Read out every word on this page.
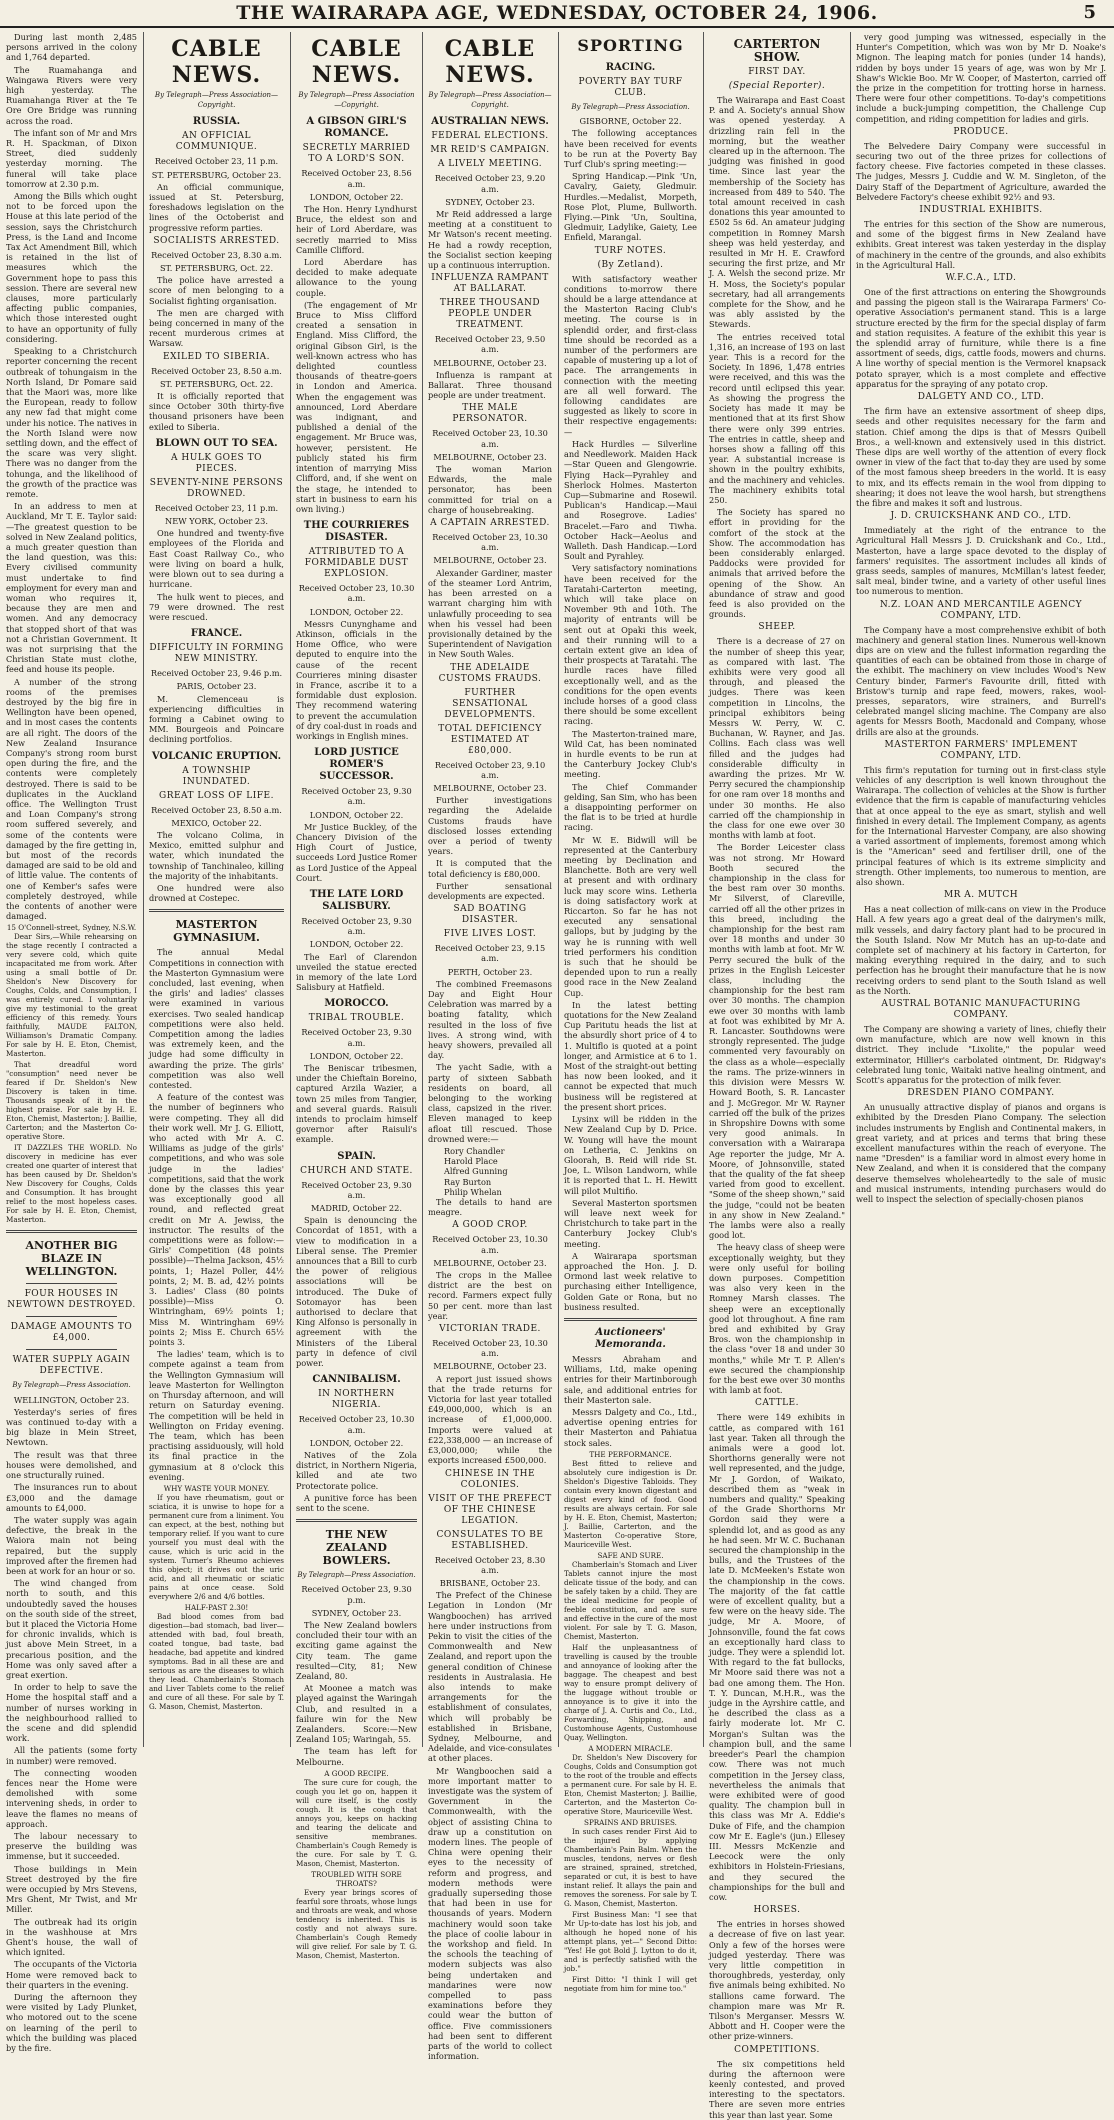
THE WAIRARAPA AGE, WEDNESDAY, OCTOBER 24, 1906.	5

During last month 2,485 persons arrived in the colony and 1,764 departed.

The Ruamahanga and Waingawa Rivers were very high yesterday. The Ruamahanga River at the Te Ore Ore Bridge was running across the road.

The infant son of Mr and Mrs R. H. Spackman, of Dixon Street, died suddenly yesterday morning. The funeral will take place tomorrow at 2.30 p.m.

Among the Bills which ought not to be forced upon the House at this late period of the session, says the Christchurch Press, is the Land and Income Tax Act Amendment Bill, which is retained in the list of measures which the Government hope to pass this session. There are several new clauses, more particularly affecting public companies, which those interested ought to have an opportunity of fully considering.

Speaking to a Christchurch reporter concerning the recent outbreak of tohungaism in the North Island, Dr Pomare said that the Maori was, more like the European, ready to follow any new fad that might come under his notice. The natives in the North Island were now settling down, and the effect of the scare was very slight. There was no danger from the tohunga, and the likelihood of the growth of the practice was remote.

In an address to men at Auckland, Mr T. E. Taylor said:—The greatest question to be solved in New Zealand politics, a much greater question than the land question, was this: Every civilised community must undertake to find employment for every man and woman who requires it, because they are men and women. And any democracy that stopped short of that was not a Christian Government. It was not surprising that the Christian State must clothe, feed and house its people.

A number of the strong rooms of the premises destroyed by the big fire in Wellington have been opened, and in most cases the contents are all right. The doors of the New Zealand Insurance Company's strong room burst open during the fire, and the contents were completely destroyed. There is said to be duplicates in the Auckland office. The Wellington Trust and Loan Company's strong room suffered severely, and some of the contents were damaged by the fire getting in, but most of the records damaged are said to be old and of little value. The contents of one of Kember's safes were completely destroyed, while the contents of another were damaged.

15 O'Connell-street, Sydney, N.S.W.

Dear Sirs,—While rehearsing on the stage recently I contracted a very severe cold, which quite incapacitated me from work. After using a small bottle of Dr. Sheldon's New Discovery for Coughs, Colds, and Consumption, I was entirely cured. I voluntarily give my testimonial to the great efficiency of this remedy. Yours faithfully, MAUDE FALTON, Williamson's Dramatic Company. For sale by H. E. Eton, Chemist, Masterton.

That dreadful word "consumption" need never be feared if Dr. Sheldon's New Discovery is taken in time. Thousands speak of it in the highest praise. For sale by H. E. Eton, Chemist, Masterton; J. Baillie, Carterton; and the Masterton Co-operative Store.

IT DAZZLES THE WORLD. No discovery in medicine has ever created one quarter of interest that has been caused by Dr. Sheldon's New Discovery for Coughs, Colds and Consumption. It has brought relief to the most hopeless cases. For sale by H. E. Eton, Chemist, Masterton.

ANOTHER BIG BLAZE IN WELLINGTON.
FOUR HOUSES IN NEWTOWN DESTROYED.
DAMAGE AMOUNTS TO £4,000.
WATER SUPPLY AGAIN DEFECTIVE.
By Telegraph—Press Association.
WELLINGTON, October 23.

Yesterday's series of fires was continued to-day with a big blaze in Mein Street, Newtown.

The result was that three houses were demolished, and one structurally ruined.

The insurances run to about £3,000 and the damage amounts to £4,000.

The water supply was again defective, the break in the Waiora main not being repaired, but the supply improved after the firemen had been at work for an hour or so.

The wind changed from north to south, and this undoubtedly saved the houses on the south side of the street, but it placed the Victoria Home for chronic invalids, which is just above Mein Street, in a precarious position, and the Home was only saved after a great exertion.

In order to help to save the Home the hospital staff and a number of nurses working in the neighbourhood rallied to the scene and did splendid work.

All the patients (some forty in number) were removed.

The connecting wooden fences near the Home were demolished with some intervening sheds, in order to leave the flames no means of approach.

The labour necessary to preserve the building was immense, but it succeeded.

Those buildings in Mein Street destroyed by the fire were occupied by Mrs Stevens, Mrs Ghent, Mr Twist, and Mr Miller.

The outbreak had its origin in the washhouse at Mrs Ghent's house, the wall of which ignited.

The occupants of the Victoria Home were removed back to their quarters in the evening.

During the afternoon they were visited by Lady Plunket, who motored out to the scene on learning of the peril to which the building was placed by the fire.

CABLE NEWS.
By Telegraph—Press Association—Copyright.
RUSSIA.
AN OFFICIAL COMMUNIQUE.
Received October 23, 11 p.m.
ST. PETERSBURG, October 23.

An official communique, issued at St. Petersburg, foreshadows legislation on the lines of the Octoberist and progressive reform parties.

SOCIALISTS ARRESTED.
Received October 23, 8.30 a.m.
ST. PETERSBURG, Oct. 22.

The police have arrested a score of men belonging to a Socialist fighting organisation.

The men are charged with being concerned in many of the recent murderous crimes at Warsaw.

EXILED TO SIBERIA.
Received October 23, 8.50 a.m.
ST. PETERSBURG, Oct. 22.

It is officially reported that since October 30th thirty-five thousand prisoners have been exiled to Siberia.

BLOWN OUT TO SEA.
A HULK GOES TO PIECES.
SEVENTY-NINE PERSONS DROWNED.
Received October 23, 11 p.m.
NEW YORK, October 23.

One hundred and twenty-five employees of the Florida and East Coast Railway Co., who were living on board a hulk, were blown out to sea during a hurricane.

The hulk went to pieces, and 79 were drowned. The rest were rescued.

FRANCE.
DIFFICULTY IN FORMING NEW MINISTRY.
Received October 23, 9.46 p.m.
PARIS, October 23.

M. Clemenceau is experiencing difficulties in forming a Cabinet owing to MM. Bourgeois and Poincare declining portfolios.

VOLCANIC ERUPTION.
A TOWNSHIP INUNDATED.
GREAT LOSS OF LIFE.
Received October 23, 8.50 a.m.
MEXICO, October 22.

The volcano Colima, in Mexico, emitted sulphur and water, which inundated the township of Tanchinaleo, killing the majority of the inhabitants.

One hundred were also drowned at Costepec.

MASTERTON GYMNASIUM.

The annual Medal Competitions in connection with the Masterton Gymnasium were concluded, last evening, when the girls' and ladies' classes were examined in various exercises. Two sealed handicap competitions were also held. Competition among the ladies was extremely keen, and the judge had some difficulty in awarding the prize. The girls' competition was also well contested.

A feature of the contest was the number of beginners who were competing. They all did their work well. Mr J. G. Elliott, who acted with Mr A. C. Williams as judge of the girls' competitions, and who was sole judge in the ladies' competitions, said that the work done by the classes this year was exceptionally good all round, and reflected great credit on Mr A. Jewiss, the instructor. The results of the competitions were as follow:—Girls' Competition (48 points possible)—Thelma Jackson, 45½ points, 1; Hazel Poller, 44½ points, 2; M. B. ad, 42½ points 3. Ladies' Class (80 points possible)—Miss O. Wintringham, 69½ points 1; Miss M. Wintringham 69½ points 2; Miss E. Church 65½ points 3.

The ladies' team, which is to compete against a team from the Wellington Gymnasium will leave Masterton for Wellington on Thursday afternoon, and will return on Saturday evening. The competition will be held in Wellington on Friday evening. The team, which has been practising assiduously, will hold its final practice in the gymnasium at 8 o'clock this evening.

WHY WASTE YOUR MONEY.

If you have rheumatism, gout or sciatica, it is unwise to hope for a permanent cure from a liniment. You can expect, at the best, nothing but temporary relief. If you want to cure yourself you must deal with the cause, which is uric acid in the system. Turner's Rheumo achieves this object; it drives out the uric acid, and all rheumatic or sciatic pains at once cease. Sold everywhere 2/6 and 4/6 bottles.

HALF-PAST 2.30!

Bad blood comes from bad digestion—bad stomach, bad liver—attended with bad, foul breath, coated tongue, bad taste, bad headache, bad appetite and kindred symptoms. Bad in all these are and serious as are the diseases to which they lead. Chamberlain's Stomach and Liver Tablets come to the relief and cure of all these. For sale by T. G. Mason, Chemist, Masterton.

CABLE NEWS.
By Telegraph—Press Association—Copyright.
A GIBSON GIRL'S ROMANCE.
SECRETLY MARRIED TO A LORD'S SON.
Received October 23, 8.56 a.m.
LONDON, October 22.

The Hon. Henry Lyndhurst Bruce, the eldest son and heir of Lord Aberdare, was secretly married to Miss Camille Clifford.

Lord Aberdare has decided to make adequate allowance to the young couple.

(The engagement of Mr Bruce to Miss Clifford created a sensation in England. Miss Clifford, the original Gibson Girl, is the well-known actress who has delighted countless thousands of theatre-goers in London and America. When the engagement was announced, Lord Aberdare was indignant, and published a denial of the engagement. Mr Bruce was, however, persistent. He publicly stated his firm intention of marrying Miss Clifford, and, if she went on the stage, he intended to start in business to earn his own living.)

THE COURRIERES DISASTER.
ATTRIBUTED TO A FORMIDABLE DUST EXPLOSION.
Received October 23, 10.30 a.m.
LONDON, October 22.

Messrs Cunynghame and Atkinson, officials in the Home Office, who were deputed to enquire into the cause of the recent Courrieres mining disaster in France, ascribe it to a formidable dust explosion. They recommend watering to prevent the accumulation of dry coal-dust in roads and workings in English mines.

LORD JUSTICE ROMER'S SUCCESSOR.
Received October 23, 9.30 a.m.
LONDON, October 22.

Mr Justice Buckley, of the Chancery Division of the High Court of Justice, succeeds Lord Justice Romer as Lord Justice of the Appeal Court.

THE LATE LORD SALISBURY.
Received October 23, 9.30 a.m.
LONDON, October 22.

The Earl of Clarendon unveiled the statue erected in memory of the late Lord Salisbury at Hatfield.

MOROCCO.
TRIBAL TROUBLE.
Received October 23, 9.30 a.m.
LONDON, October 22.

The Beniscar tribesmen, under the Chieftain Boreino, captured Arzila Wazier, a town 25 miles from Tangier, and several guards. Raisuli intends to proclaim himself governor after Raisuli's example.

SPAIN.
CHURCH AND STATE.
Received October 23, 9.30 a.m.
MADRID, October 22.

Spain is denouncing the Concordat of 1851, with a view to modification in a Liberal sense. The Premier announces that a Bill to curb the power of religious associations will be introduced. The Duke of Sotomayor has been authorised to declare that King Alfonso is personally in agreement with the Ministers of the Liberal party in defence of civil power.

CANNIBALISM.
IN NORTHERN NIGERIA.
Received October 23, 10.30 a.m.
LONDON, October 22.

Natives of the Zola district, in Northern Nigeria, killed and ate two Protectorate police.

A punitive force has been sent to the scene.

THE NEW ZEALAND BOWLERS.
By Telegraph—Press Association.
Received October 23, 9.30 p.m.
SYDNEY, October 23.

The New Zealand bowlers concluded their tour with an exciting game against the City team. The game resulted—City, 81; New Zealand, 80.

At Moonee a match was played against the Waringah Club, and resulted in a failure win for the New Zealanders. Score:—New Zealand 105; Waringah, 55.

The team has left for Melbourne.

A GOOD RECIPE.

The sure cure for cough, the cough you let go on, happen it will cure itself, is the costly cough. It is the cough that annoys you, keeps on hacking and tearing the delicate and sensitive membranes. Chamberlain's Cough Remedy is the cure. For sale by T. G. Mason, Chemist, Masterton.

TROUBLED WITH SORE THROATS?

Every year brings scores of fearful sore throats, whose lungs and throats are weak, and whose tendency is inherited. This is costly and not always sure. Chamberlain's Cough Remedy will give relief. For sale by T. G. Mason, Chemist, Masterton.

CABLE NEWS.
By Telegraph—Press Association—Copyright.
AUSTRALIAN NEWS.
FEDERAL ELECTIONS.
MR REID'S CAMPAIGN.
A LIVELY MEETING.
Received October 23, 9.20 a.m.
SYDNEY, October 23.

Mr Reid addressed a large meeting at a constituent to Mr Watson's recent meeting. He had a rowdy reception, the Socialist section keeping up a continuous interruption.

INFLUENZA RAMPANT AT BALLARAT.
THREE THOUSAND PEOPLE UNDER TREATMENT.
Received October 23, 9.50 a.m.
MELBOURNE, October 23.

Influenza is rampant at Ballarat. Three thousand people are under treatment.

THE MALE PERSONATOR.
Received October 23, 10.30 a.m.
MELBOURNE, October 23.

The woman Marion Edwards, the male personator, has been committed for trial on a charge of housebreaking.

A CAPTAIN ARRESTED.
Received October 23, 10.30 a.m.
MELBOURNE, October 23.

Alexander Gardiner, master of the steamer Lord Antrim, has been arrested on a warrant charging him with unlawfully proceeding to sea when his vessel had been provisionally detained by the Superintendent of Navigation in New South Wales.

THE ADELAIDE CUSTOMS FRAUDS.
FURTHER SENSATIONAL DEVELOPMENTS.
TOTAL DEFICIENCY ESTIMATED AT £80,000.
Received October 23, 9.10 a.m.
MELBOURNE, October 23.

Further investigations regarding the Adelaide Customs frauds have disclosed losses extending over a period of twenty years.

It is computed that the total deficiency is £80,000.

Further sensational developments are expected.

SAD BOATING DISASTER.
FIVE LIVES LOST.
Received October 23, 9.15 a.m.
PERTH, October 23.

The combined Freemasons Day and Eight Hour Celebration was marred by a boating fatality, which resulted in the loss of five lives. A strong wind, with heavy showers, prevailed all day.

The yacht Sadie, with a party of sixteen Sabbath residents on board, all belonging to the working class, capsized in the river. Eleven managed to keep afloat till rescued. Those drowned were:—

Rory Chandler
Harold Place
Alfred Gunning
Ray Burton
Philip Whelan

The details to hand are meagre.

A GOOD CROP.
Received October 23, 10.30 a.m.
MELBOURNE, October 23.

The crops in the Mallee district are the best on record. Farmers expect fully 50 per cent. more than last year.

VICTORIAN TRADE.
Received October 23, 10.30 a.m.
MELBOURNE, October 23.

A report just issued shows that the trade returns for Victoria for last year totalled £49,000,000, which is an increase of £1,000,000. Imports were valued at £22,338,000 — an increase of £3,000,000; while the exports increased £500,000.

CHINESE IN THE COLONIES.
VISIT OF THE PREFECT OF THE CHINESE LEGATION.
CONSULATES TO BE ESTABLISHED.
Received October 23, 8.30 a.m.
BRISBANE, October 23.

The Prefect of the Chinese Legation in London (Mr Wangboochen) has arrived here under instructions from Pekin to visit the cities of the Commonwealth and New Zealand, and report upon the general condition of Chinese residents in Australasia. He also intends to make arrangements for the establishment of consulates, which will probably be established in Brisbane, Sydney, Melbourne, and Adelaide, and vice-consulates at other places.

Mr Wangboochen said a more important matter to investigate was the system of Government in the Commonwealth, with the object of assisting China to draw up a constitution on modern lines. The people of China were opening their eyes to the necessity of reform and progress, and modern methods were gradually superseding those that had been in use for thousands of years. Modern machinery would soon take the place of coolie labour in the workshop and field. In the schools the teaching of modern subjects was also being undertaken and mandarines were now compelled to pass examinations before they could wear the button of office. Five commissioners had been sent to different parts of the world to collect information.

SPORTING
RACING.
POVERTY BAY TURF CLUB.
By Telegraph—Press Association.
GISBORNE, October 22.

The following acceptances have been received for events to be run at the Poverty Bay Turf Club's spring meeting:—

Spring Handicap.—Pink 'Un, Cavalry, Gaiety, Gledmuir. Hurdles.—Medalist, Morpeth, Rose Plot, Plume, Bullworth. Flying.—Pink 'Un, Soultina, Gledmuir, Ladylike, Gaiety, Lee Enfield, Marangal.

TURF NOTES.
(By Zetland).

With satisfactory weather conditions to-morrow there should be a large attendance at the Masterton Racing Club's meeting. The course is in splendid order, and first-class time should be recorded as a number of the performers are capable of mustering up a lot of pace. The arrangements in connection with the meeting are all well forward. The following candidates are suggested as likely to score in their respective engagements:—

Hack Hurdles — Silverline and Needlework. Maiden Hack—Star Queen and Glengowrie. Flying Hack—Pyrahley and Sherlock Holmes. Masterton Cup—Submarine and Rosewil. Publican's Handicap.—Maui and Rosegrove. Ladies' Bracelet.—Faro and Tiwha. October Hack—Aeolus and Walleth. Dash Handicap.—Lord Soult and Pyrahley.

Very satisfactory nominations have been received for the Taratahi-Carterton meeting, which will take place on November 9th and 10th. The majority of entrants will be sent out at Opaki this week, and their running will to a certain extent give an idea of their prospects at Taratahi. The hurdle races have filled exceptionally well, and as the conditions for the open events include horses of a good class there should be some excellent racing.

The Masterton-trained mare, Wild Cat, has been nominated in hurdle events to be run at the Canterbury Jockey Club's meeting.

The Chief Commander gelding, San Sim, who has been a disappointing performer on the flat is to be tried at hurdle racing.

Mr W. E. Bidwill will be represented at the Canterbury meeting by Declination and Blanchette. Both are very well at present and with ordinary luck may score wins. Letheria is doing satisfactory work at Riccarton. So far he has not executed any sensational gallops, but by judging by the way he is running with well tried performers his condition is such that he should be depended upon to run a really good race in the New Zealand Cup.

In the latest betting quotations for the New Zealand Cup Paritutu heads the list at the absurdly short price of 4 to 1. Multiflo is quoted at a point longer, and Armistice at 6 to 1. Most of the straight-out betting has now been looked, and it cannot be expected that much business will be registered at the present short prices.

Lysinx will be ridden in the New Zealand Cup by D. Price. W. Young will have the mount on Letheria, C. Jenkins on Gloorah, B. Reid will ride St. Joe, L. Wilson Landworn, while it is reported that L. H. Hewitt will pilot Multifio.

Several Masterton sportsmen will leave next week for Christchurch to take part in the Canterbury Jockey Club's meeting.

A Wairarapa sportsman approached the Hon. J. D. Ormond last week relative to purchasing either Intelligence, Golden Gate or Rona, but no business resulted.

Auctioneers' Memoranda.

Messrs Abraham and Williams, Ltd, make opening entries for their Martinborough sale, and additional entries for their Masterton sale.

Messrs Dalgety and Co., Ltd., advertise opening entries for their Masterton and Pahiatua stock sales.

THE PERFORMANCE.

Best fitted to relieve and absolutely cure indigestion is Dr. Sheldon's Digestive Tabloids. They contain every known digestant and digest every kind of food. Good results are always certain. For sale by H. E. Eton, Chemist, Masterton; J. Baillie, Carterton, and the Masterton Co-operative Store, Mauriceville West.

SAFE AND SURE.

Chamberlain's Stomach and Liver Tablets cannot injure the most delicate tissue of the body, and can be safely taken by a child. They are the ideal medicine for people of feeble constitution, and are sure and effective in the cure of the most violent. For sale by T. G. Mason, Chemist, Masterton.

Half the unpleasantness of travelling is caused by the trouble and annoyance of looking after the baggage. The cheapest and best way to ensure prompt delivery of the luggage without trouble or annoyance is to give it into the charge of J. A. Curtis and Co., Ltd., Forwarding, Shipping, and Customhouse Agents, Customhouse Quay, Wellington.

A MODERN MIRACLE.

Dr. Sheldon's New Discovery for Coughs, Colds and Consumption got to the root of the trouble and effects a permanent cure. For sale by H. E. Eton, Chemist Masterton; J. Baillie, Carterton, and the Masterton Co-operative Store, Mauriceville West.

SPRAINS AND BRUISES.

In such cases render First Aid to the injured by applying Chamberlain's Pain Balm. When the muscles, tendons, nerves or flesh are strained, sprained, stretched, separated or cut, it is best to have instant relief. It allays the pain and removes the soreness. For sale by T. G. Mason, Chemist, Masterton.

First Business Man: "I see that Mr Up-to-date has lost his job, and although he hoped none of his attempt plans, yet—" Second Ditto: "Yes! He got Bold J. Lytton to do it, and is perfectly satisfied with the job."

First Ditto: "I think I will get negotiate from him for mine too."

CARTERTON SHOW.
FIRST DAY.
(Special Reporter).

The Wairarapa and East Coast P. and A. Society's annual Show was opened yesterday. A drizzling rain fell in the morning, but the weather cleared up in the afternoon. The judging was finished in good time. Since last year the membership of the Society has increased from 489 to 540. The total amount received in cash donations this year amounted to £502 5s 6d. An amateur judging competition in Romney Marsh sheep was held yesterday, and resulted in Mr H. E. Crawford securing the first prize, and Mr J. A. Welsh the second prize. Mr H. Moss, the Society's popular secretary, had all arrangements complete for the Show, and he was ably assisted by the Stewards.

The entries received total 1,316, an increase of 193 on last year. This is a record for the Society. In 1896, 1,478 entries were received, and this was the record until eclipsed this year. As showing the progress the Society has made it may be mentioned that at its first Show there were only 399 entries. The entries in cattle, sheep and horses show a falling off this year. A substantial increase is shown in the poultry exhibits, and the machinery and vehicles. The machinery exhibits total 250.

The Society has spared no effort in providing for the comfort of the stock at the Show. The accommodation has been considerably enlarged. Paddocks were provided for animals that arrived before the opening of the Show. An abundance of straw and good feed is also provided on the grounds.

SHEEP.

There is a decrease of 27 on the number of sheep this year, as compared with last. The exhibits were very good all through, and pleased the judges. There was keen competition in Lincolns, the principal exhibitors being Messrs W. Perry, W. C. Buchanan, W. Rayner, and Jas. Collins. Each class was well filled and the judges had considerable difficulty in awarding the prizes. Mr W. Perry secured the championship for one ram over 18 months and under 30 months. He also carried off the championship in the class for one ewe over 30 months with lamb at foot.

The Border Leicester class was not strong. Mr Howard Booth secured the championship in the class for the best ram over 30 months. Mr Silverst, of Clareville, carried off all the other prizes in this breed, including the championship for the best ram over 18 months and under 30 months with lamb at foot. Mr W. Perry secured the bulk of the prizes in the English Leicester class, including the championship for the best ram over 30 months. The champion ewe over 30 months with lamb at foot was exhibited by Mr A. R. Lancaster. Southdowns were strongly represented. The judge commented very favourably on the class as a whole—especially the rams. The prize-winners in this division were Messrs W. Howard Booth, S. R. Lancaster and J. McGregor. Mr W. Rayner carried off the bulk of the prizes in Shropshire Downs with some very good animals. In conversation with a Wairarapa Age reporter the judge, Mr A. Moore, of Johnsonville, stated that the quality of the fat sheep varied from good to excellent. "Some of the sheep shown," said the judge, "could not be beaten in any show in New Zealand." The lambs were also a really good lot.

The heavy class of sheep were exceptionally weighty, but they were only useful for boiling down purposes. Competition was also very keen in the Romney Marsh classes. The sheep were an exceptionally good lot throughout. A fine ram bred and exhibited by Gray Bros. won the championship in the class "over 18 and under 30 months," while Mr T. P. Allen's ewe secured the championship for the best ewe over 30 months with lamb at foot.

CATTLE.

There were 149 exhibits in cattle, as compared with 161 last year. Taken all through the animals were a good lot. Shorthorns generally were not well represented, and the judge, Mr J. Gordon, of Waikato, described them as "weak in numbers and quality." Speaking of the Grade Shorthorns Mr Gordon said they were a splendid lot, and as good as any he had seen. Mr W. C. Buchanan secured the championship in the bulls, and the Trustees of the late D. McMeeken's Estate won the championship in the cows. The majority of the fat cattle were of excellent quality, but a few were on the heavy side. The judge, Mr A. Moore, of Johnsonville, found the fat cows an exceptionally hard class to judge. They were a splendid lot. With regard to the fat bullocks, Mr Moore said there was not a bad one among them. The Hon. T. Y. Duncan, M.H.R., was the judge in the Ayrshire cattle, and he described the class as a fairly moderate lot. Mr C. Morgan's Sultan was the champion bull, and the same breeder's Pearl the champion cow. There was not much competition in the Jersey class, nevertheless the animals that were exhibited were of good quality. The champion bull in this class was Mr A. Eddie's Duke of Fife, and the champion cow Mr E. Eagle's (jun.) Ellesey III. Messrs McKenzie and Leecock were the only exhibitors in Holstein-Friesians, and they secured the championships for the bull and cow.

HORSES.

The entries in horses showed a decrease of five on last year. Only a few of the horses were judged yesterday. There was very little competition in thoroughbreds, yesterday, only five animals being exhibited. No stallions came forward. The champion mare was Mr R. Tilson's Merganser. Messrs W. Abbott and H. Cooper were the other prize-winners.

COMPETITIONS.

The six competitions held during the afternoon were keenly contested, and proved interesting to the spectators. There are seven more entries this year than last year. Some

very good jumping was witnessed, especially in the Hunter's Competition, which was won by Mr D. Noake's Mignon. The leaping match for ponies (under 14 hands), ridden by boys under 15 years of age, was won by Mr J. Shaw's Wickie Boo. Mr W. Cooper, of Masterton, carried off the prize in the competition for trotting horse in harness. There were four other competitions. To-day's competitions include a buck-jumping competition, the Challenge Cup competition, and riding competition for ladies and girls.

PRODUCE.

The Belvedere Dairy Company were successful in securing two out of the three prizes for collections of factory cheese. Five factories competed in these classes. The judges, Messrs J. Cuddie and W. M. Singleton, of the Dairy Staff of the Department of Agriculture, awarded the Belvedere Factory's cheese exhibit 92½ and 93.

INDUSTRIAL EXHIBITS.

The entries for this section of the Show are numerous, and some of the biggest firms in New Zealand have exhibits. Great interest was taken yesterday in the display of machinery in the centre of the grounds, and also exhibits in the Agricultural Hall.

W.F.C.A., LTD.

One of the first attractions on entering the Showgrounds and passing the pigeon stall is the Wairarapa Farmers' Co-operative Association's permanent stand. This is a large structure erected by the firm for the special display of farm and station requisites. A feature of the exhibit this year is the splendid array of furniture, while there is a fine assortment of seeds, digs, cattle foods, mowers and churns. A line worthy of special mention is the Vermorel knapsack potato sprayer, which is a most complete and effective apparatus for the spraying of any potato crop.

DALGETY AND CO., LTD.

The firm have an extensive assortment of sheep dips, seeds and other requisites necessary for the farm and station. Chief among the dips is that of Messrs Quibell Bros., a well-known and extensively used in this district. These dips are well worthy of the attention of every flock owner in view of the fact that to-day they are used by some of the most famous sheep breeders in the world. It is easy to mix, and its effects remain in the wool from dipping to shearing; it does not leave the wool harsh, but strengthens the fibre and makes it soft and lustrous.

J. D. CRUICKSHANK AND CO., LTD.

Immediately at the right of the entrance to the Agricultural Hall Messrs J. D. Cruickshank and Co., Ltd., Masterton, have a large space devoted to the display of farmers' requisites. The assortment includes all kinds of grass seeds, samples of manures, McMillan's latest feeder, salt meal, binder twine, and a variety of other useful lines too numerous to mention.

N.Z. LOAN AND MERCANTILE AGENCY COMPANY, LTD.

The Company have a most comprehensive exhibit of both machinery and general station lines. Numerous well-known dips are on view and the fullest information regarding the quantities of each can be obtained from those in charge of the exhibit. The machinery on view includes Wood's New Century binder, Farmer's Favourite drill, fitted with Bristow's turnip and rape feed, mowers, rakes, wool-presses, separators, wire strainers, and Burrell's celebrated mangel slicing machine. The Company are also agents for Messrs Booth, Macdonald and Company, whose drills are also at the grounds.

MASTERTON FARMERS' IMPLEMENT COMPANY, LTD.

This firm's reputation for turning out in first-class style vehicles of any description is well known throughout the Wairarapa. The collection of vehicles at the Show is further evidence that the firm is capable of manufacturing vehicles that at once appeal to the eye as smart, stylish and well finished in every detail. The Implement Company, as agents for the International Harvester Company, are also showing a varied assortment of implements, foremost among which is the "American" seed and fertiliser drill, one of the principal features of which is its extreme simplicity and strength. Other implements, too numerous to mention, are also shown.

MR A. MUTCH

Has a neat collection of milk-cans on view in the Produce Hall. A few years ago a great deal of the dairymen's milk, milk vessels, and dairy factory plant had to be procured in the South Island. Now Mr Mutch has an up-to-date and complete set of machinery at his factory in Carterton, for making everything required in the dairy, and to such perfection has he brought their manufacture that he is now receiving orders to send plant to the South Island as well as the North.

AUSTRAL BOTANIC MANUFACTURING COMPANY.

The Company are showing a variety of lines, chiefly their own manufacture, which are now well known in this district. They include "Lixolite," the popular weed exterminator, Hillier's carbolated ointment, Dr. Ridgway's celebrated lung tonic, Waitaki native healing ointment, and Scott's apparatus for the protection of milk fever.

DRESDEN PIANO COMPANY.

An unusually attractive display of pianos and organs is exhibited by the Dresden Piano Company. The selection includes instruments by English and Continental makers, in great variety, and at prices and terms that bring these excellent manufactures within the reach of everyone. The name "Dresden" is a familiar word in almost every home in New Zealand, and when it is considered that the company deserve themselves wholeheartedly to the sale of music and musical instruments, intending purchasers would do well to inspect the selection of specially-chosen pianos
